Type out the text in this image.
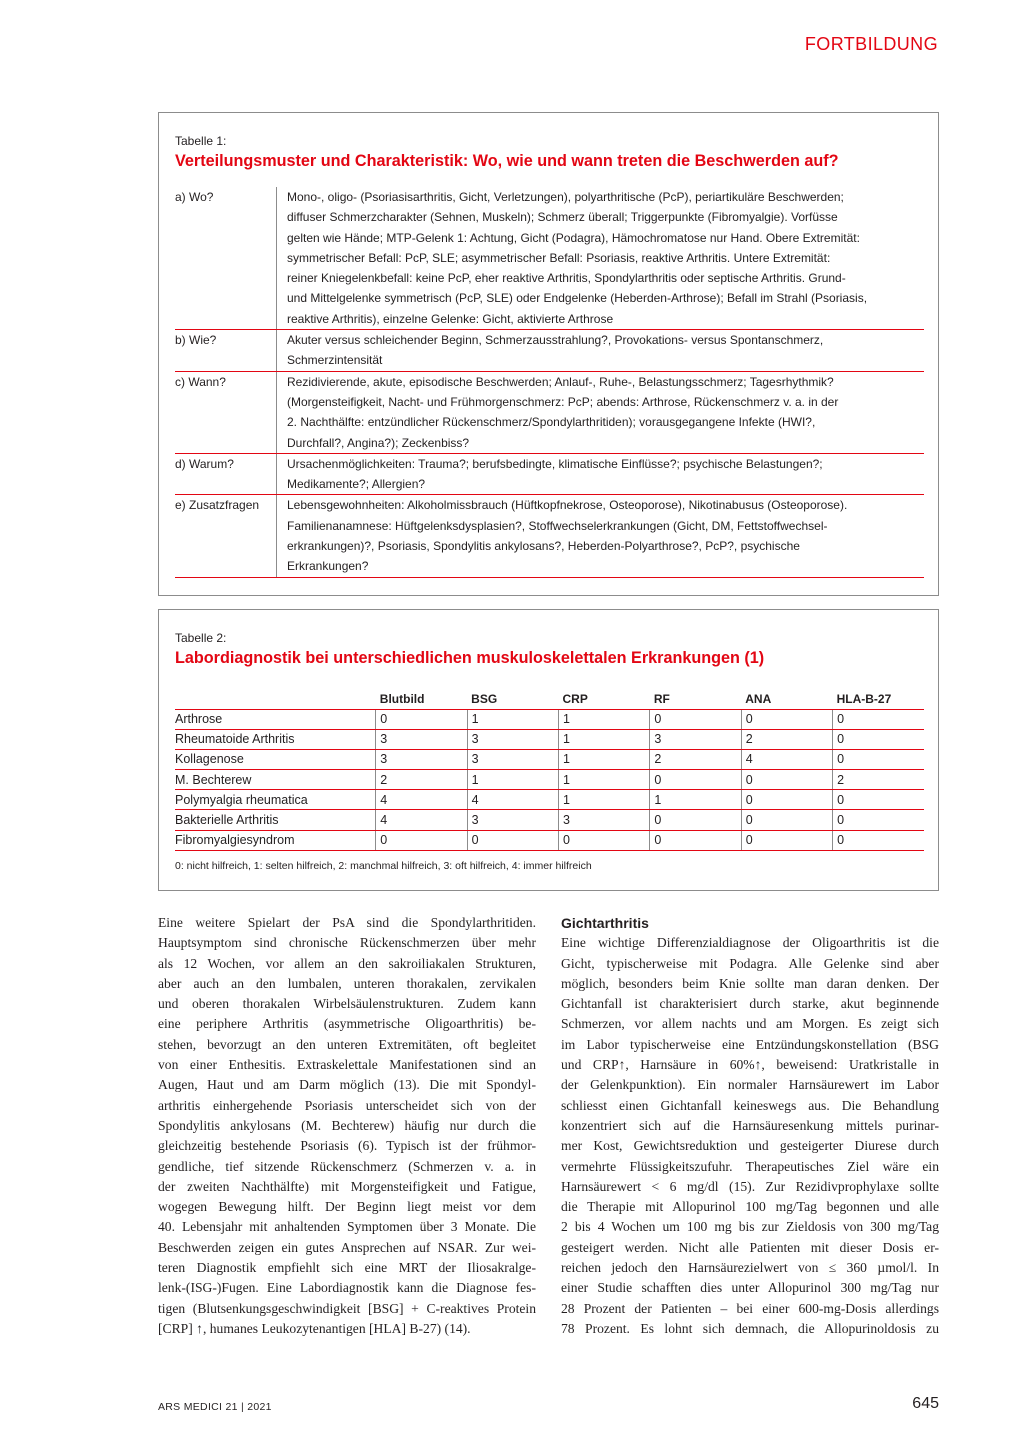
FORTBILDUNG
Tabelle 1:
Verteilungsmuster und Charakteristik: Wo, wie und wann treten die Beschwerden auf?
a) Wo?	Mono-, oligo- (Psoriasisarthritis, Gicht, Verletzungen), polyarthritische (PcP), periartikuläre Beschwerden;

diffuser Schmerzcharakter (Sehnen, Muskeln); Schmerz überall; Triggerpunkte (Fibromyalgie). Vorfüsse

gelten wie Hände; MTP-Gelenk 1: Achtung, Gicht (Podagra), Hämochromatose nur Hand. Obere Extremität:

symmetrischer Befall: PcP, SLE; asymmetrischer Befall: Psoriasis, reaktive Arthritis. Untere Extremität:

reiner Kniegelenkbefall: keine PcP, eher reaktive Arthritis, Spondylarthritis oder septische Arthritis. Grund-

und Mittelgelenke symmetrisch (PcP, SLE) oder Endgelenke (Heberden-Arthrose); Befall im Strahl (Psoriasis,

reaktive Arthritis), einzelne Gelenke: Gicht, aktivierte Arthrose

b) Wie?	Akuter versus schleichender Beginn, Schmerzausstrahlung?, Provokations- versus Spontanschmerz,

Schmerzintensität

c) Wann?	Rezidivierende, akute, episodische Beschwerden; Anlauf-, Ruhe-, Belastungsschmerz; Tagesrhythmik?

(Morgensteifigkeit, Nacht- und Frühmorgenschmerz: PcP; abends: Arthrose, Rückenschmerz v. a. in der

2. Nachthälfte: entzündlicher Rückenschmerz/Spondylarthritiden); vorausgegangene Infekte (HWI?,

Durchfall?, Angina?); Zeckenbiss?

d) Warum?	Ursachenmöglichkeiten: Trauma?; berufsbedingte, klimatische Einflüsse?; psychische Belastungen?;

Medikamente?; Allergien?

e) Zusatzfragen	Lebensgewohnheiten: Alkoholmissbrauch (Hüftkopfnekrose, Osteoporose), Nikotinabusus (Osteoporose).

Familienanamnese: Hüftgelenksdysplasien?, Stoffwechselerkrankungen (Gicht, DM, Fettstoffwechsel-

erkrankungen)?, Psoriasis, Spondylitis ankylosans?, Heberden-Polyarthrose?, PcP?, psychische

Erkrankungen?

Tabelle 2:
Labordiagnostik bei unterschiedlichen muskuloskelettalen Erkrankungen (1)
	Blutbild	BSG	CRP	RF	ANA	HLA-B-27
Arthrose	0	1	1	0	0	0
Rheumatoide Arthritis	3	3	1	3	2	0
Kollagenose	3	3	1	2	4	0
M. Bechterew	2	1	1	0	0	2
Polymyalgia rheumatica	4	4	1	1	0	0
Bakterielle Arthritis	4	3	3	0	0	0
Fibromyalgiesyndrom	0	0	0	0	0	0
0: nicht hilfreich, 1: selten hilfreich, 2: manchmal hilfreich, 3: oft hilfreich, 4: immer hilfreich
Eine weitere Spielart der PsA sind die Spondylarthritiden.
Hauptsymptom sind chronische Rückenschmerzen über mehr
als 12 Wochen, vor allem an den sakroiliakalen Strukturen,
aber auch an den lumbalen, unteren thorakalen, zervikalen
und oberen thorakalen Wirbelsäulenstrukturen. Zudem kann
eine periphere Arthritis (asymmetrische Oligoarthritis) be-
stehen, bevorzugt an den unteren Extremitäten, oft begleitet
von einer Enthesitis. Extraskelettale Manifestationen sind an
Augen, Haut und am Darm möglich (13). Die mit Spondyl-
arthritis einhergehende Psoriasis unterscheidet sich von der
Spondylitis ankylosans (M. Bechterew) häufig nur durch die
gleichzeitig bestehende Psoriasis (6). Typisch ist der frühmor-
gendliche, tief sitzende Rückenschmerz (Schmerzen v. a. in
der zweiten Nachthälfte) mit Morgensteifigkeit und Fatigue,
wogegen Bewegung hilft. Der Beginn liegt meist vor dem
40. Lebensjahr mit anhaltenden Symptomen über 3 Monate. Die
Beschwerden zeigen ein gutes Ansprechen auf NSAR. Zur wei-
teren Diagnostik empfiehlt sich eine MRT der Iliosakralge-
lenk-(ISG-)Fugen. Eine Labordiagnostik kann die Diagnose fes-
tigen (Blutsenkungsgeschwindigkeit [BSG] + C-reaktives Protein
[CRP] ↑, humanes Leukozytenantigen [HLA] B-27) (14).
Gichtarthritis
Eine wichtige Differenzialdiagnose der Oligoarthritis ist die
Gicht, typischerweise mit Podagra. Alle Gelenke sind aber
möglich, besonders beim Knie sollte man daran denken. Der
Gichtanfall ist charakterisiert durch starke, akut beginnende
Schmerzen, vor allem nachts und am Morgen. Es zeigt sich
im Labor typischerweise eine Entzündungskonstellation (BSG
und CRP↑, Harnsäure in 60%↑, beweisend: Uratkristalle in
der Gelenkpunktion). Ein normaler Harnsäurewert im Labor
schliesst einen Gichtanfall keineswegs aus. Die Behandlung
konzentriert sich auf die Harnsäuresenkung mittels purinar-
mer Kost, Gewichtsreduktion und gesteigerter Diurese durch
vermehrte Flüssigkeitszufuhr. Therapeutisches Ziel wäre ein
Harnsäurewert < 6 mg/dl (15). Zur Rezidivprophylaxe sollte
die Therapie mit Allopurinol 100 mg/Tag begonnen und alle
2 bis 4 Wochen um 100 mg bis zur Zieldosis von 300 mg/Tag
gesteigert werden. Nicht alle Patienten mit dieser Dosis er-
reichen jedoch den Harnsäurezielwert von ≤ 360 µmol/l. In
einer Studie schafften dies unter Allopurinol 300 mg/Tag nur
28 Prozent der Patienten – bei einer 600-mg-Dosis allerdings
78 Prozent. Es lohnt sich demnach, die Allopurinoldosis zu
ARS MEDICI 21 | 2021	645
